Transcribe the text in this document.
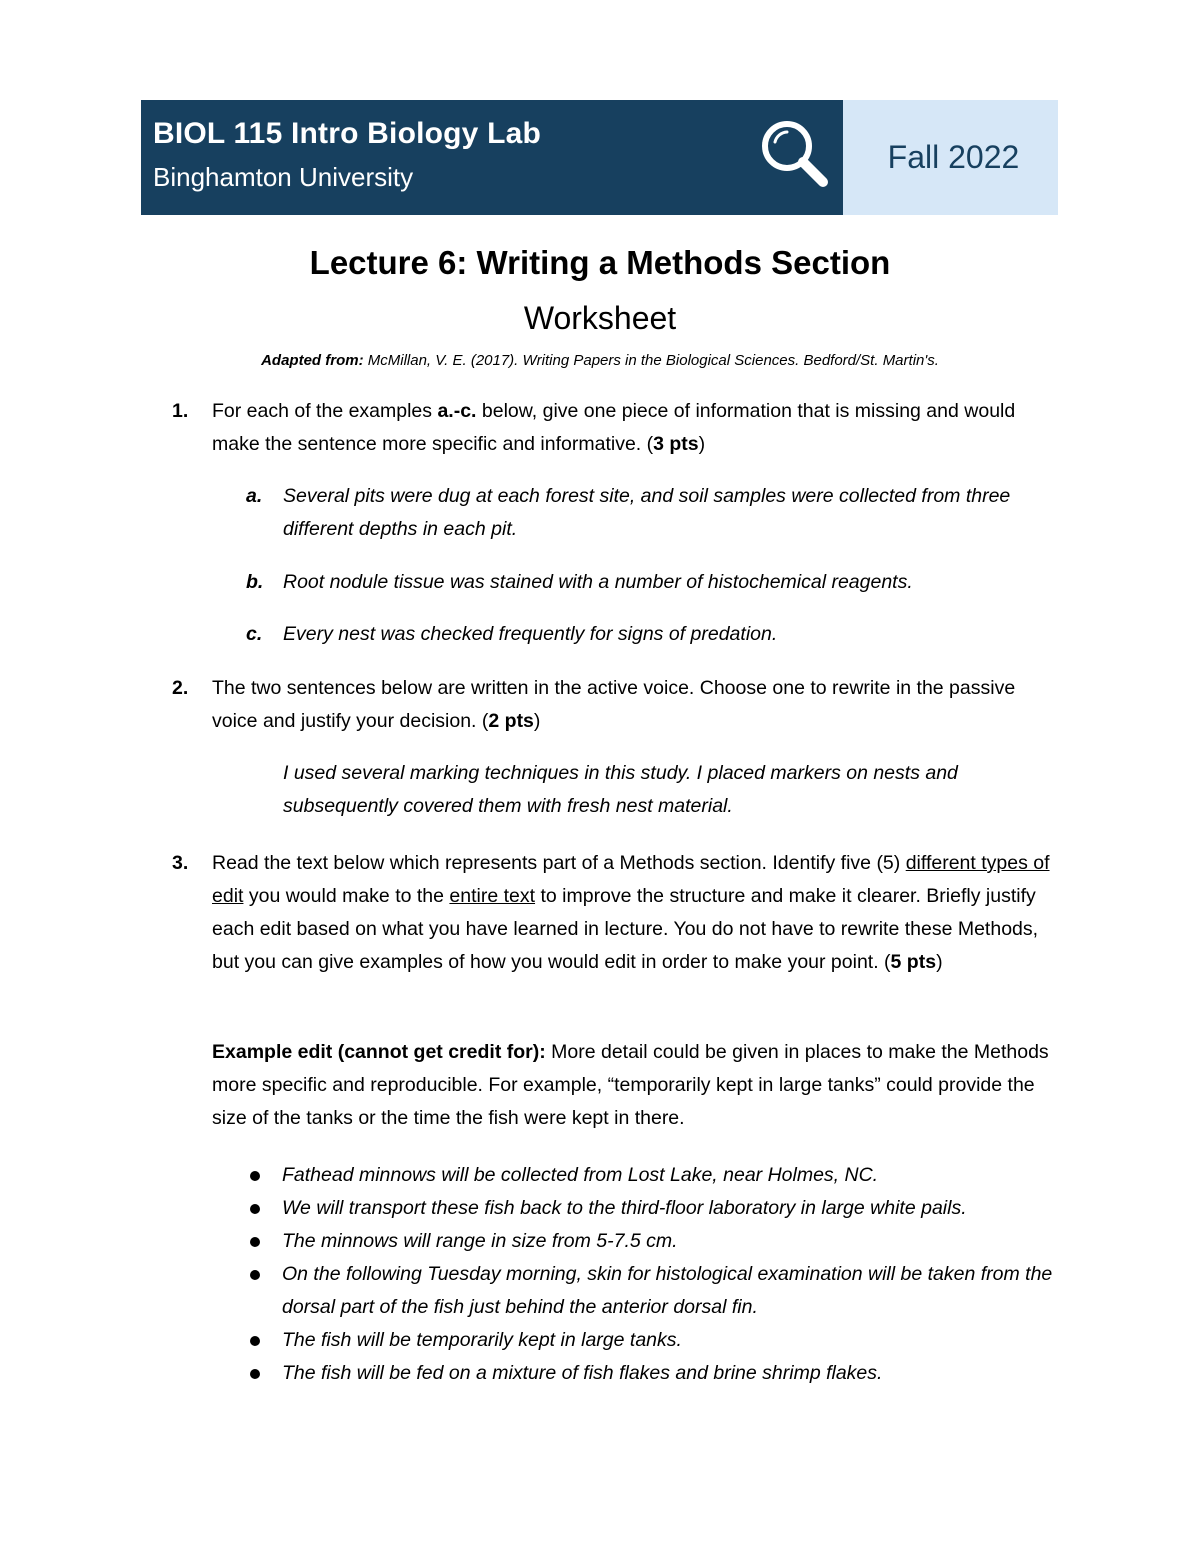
BIOL 115 Intro Biology Lab
Binghamton University
Fall 2022
Lecture 6: Writing a Methods Section
Worksheet
Adapted from: McMillan, V. E. (2017). Writing Papers in the Biological Sciences. Bedford/St. Martin's.
1. For each of the examples a.-c. below, give one piece of information that is missing and would make the sentence more specific and informative. (3 pts)
a. Several pits were dug at each forest site, and soil samples were collected from three different depths in each pit.
b. Root nodule tissue was stained with a number of histochemical reagents.
c. Every nest was checked frequently for signs of predation.
2. The two sentences below are written in the active voice. Choose one to rewrite in the passive voice and justify your decision. (2 pts)
I used several marking techniques in this study. I placed markers on nests and subsequently covered them with fresh nest material.
3. Read the text below which represents part of a Methods section. Identify five (5) different types of edit you would make to the entire text to improve the structure and make it clearer. Briefly justify each edit based on what you have learned in lecture. You do not have to rewrite these Methods, but you can give examples of how you would edit in order to make your point. (5 pts)
Example edit (cannot get credit for): More detail could be given in places to make the Methods more specific and reproducible. For example, “temporarily kept in large tanks” could provide the size of the tanks or the time the fish were kept in there.
Fathead minnows will be collected from Lost Lake, near Holmes, NC.
We will transport these fish back to the third-floor laboratory in large white pails.
The minnows will range in size from 5-7.5 cm.
On the following Tuesday morning, skin for histological examination will be taken from the dorsal part of the fish just behind the anterior dorsal fin.
The fish will be temporarily kept in large tanks.
The fish will be fed on a mixture of fish flakes and brine shrimp flakes.
